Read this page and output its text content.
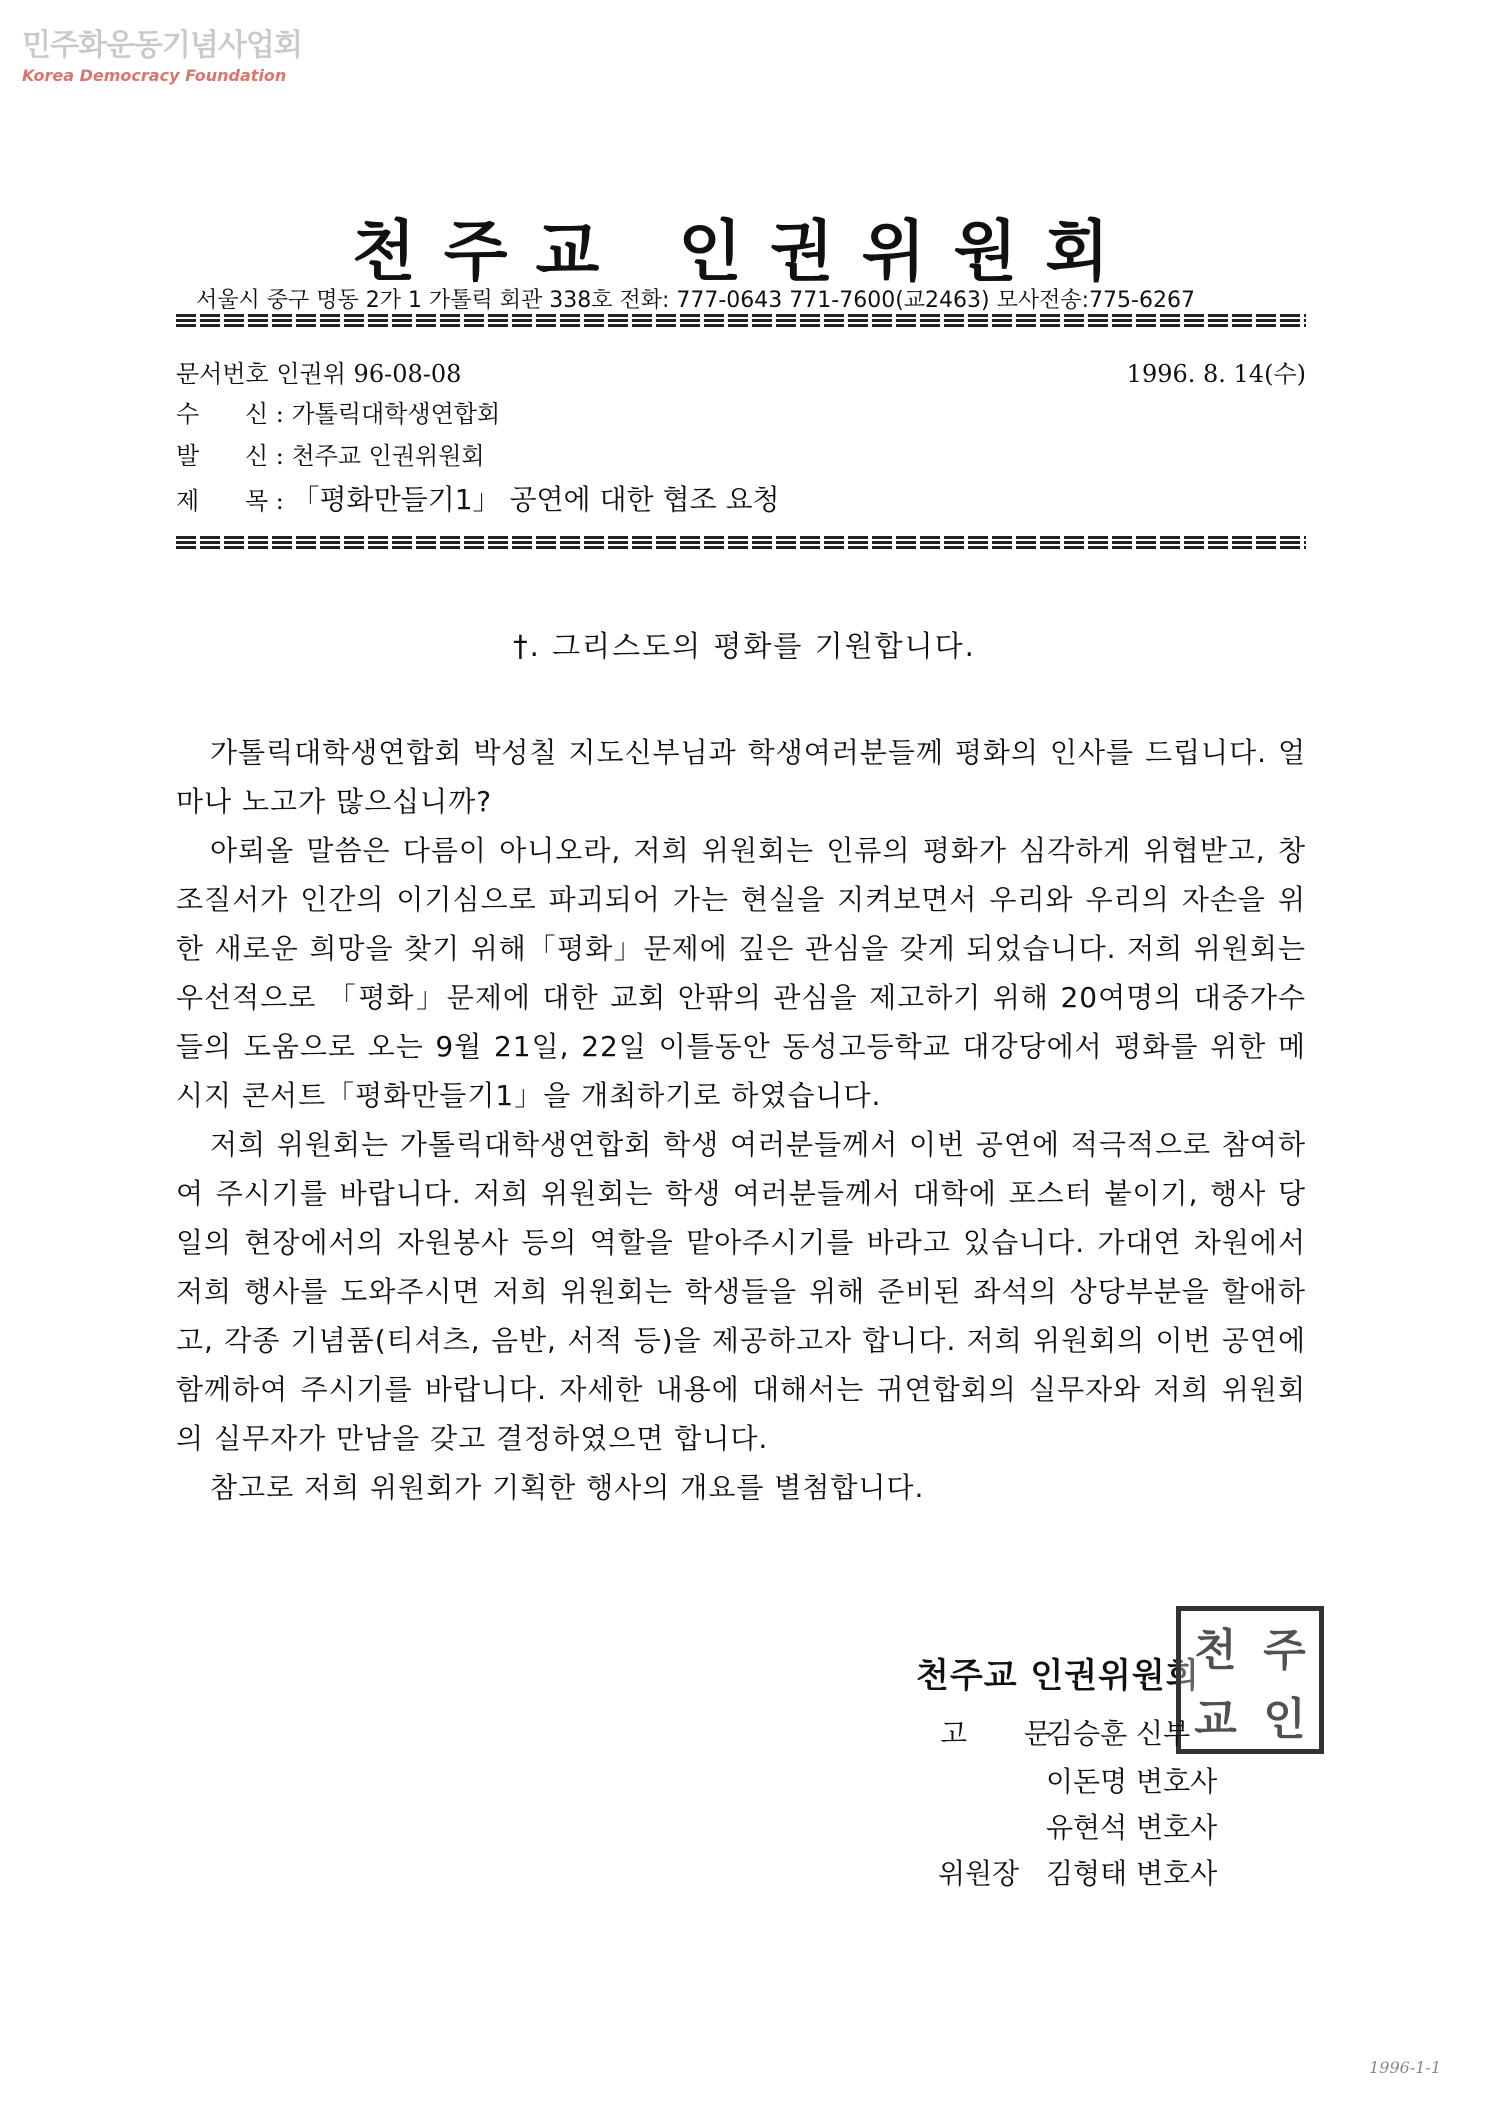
민주화운동기념사업회
Korea Democracy Foundation
천주교 인권위원회
서울시 중구 명동 2가 1 가톨릭 회관 338호 전화: 777-0643 771-7600(교2463) 모사전송:775-6267
문서번호 인권위 96-08-08	1996. 8. 14(수)
수      신 : 가톨릭대학생연합회
발      신 : 천주교 인권위원회
제      목 : 「평화만들기1」 공연에 대한 협조 요청
†. 그리스도의 평화를 기원합니다.

가톨릭대학생연합회 박성칠 지도신부님과 학생여러분들께 평화의 인사를 드립니다. 얼마나 노고가 많으십니까?

아뢰올 말씀은 다름이 아니오라, 저희 위원회는 인류의 평화가 심각하게 위협받고, 창조질서가 인간의 이기심으로 파괴되어 가는 현실을 지켜보면서 우리와 우리의 자손을 위한 새로운 희망을 찾기 위해「평화」문제에 깊은 관심을 갖게 되었습니다. 저희 위원회는 우선적으로 「평화」문제에 대한 교회 안팎의 관심을 제고하기 위해 20여명의 대중가수들의 도움으로 오는 9월 21일, 22일 이틀동안 동성고등학교 대강당에서 평화를 위한 메시지 콘서트「평화만들기1」을 개최하기로 하였습니다.

저희 위원회는 가톨릭대학생연합회 학생 여러분들께서 이번 공연에 적극적으로 참여하여 주시기를 바랍니다. 저희 위원회는 학생 여러분들께서 대학에 포스터 붙이기, 행사 당일의 현장에서의 자원봉사 등의 역할을 맡아주시기를 바라고 있습니다. 가대연 차원에서 저희 행사를 도와주시면 저희 위원회는 학생들을 위해 준비된 좌석의 상당부분을 할애하고, 각종 기념품(티셔츠, 음반, 서적 등)을 제공하고자 합니다. 저희 위원회의 이번 공연에 함께하여 주시기를 바랍니다. 자세한 내용에 대해서는 귀연합회의 실무자와 저희 위원회의 실무자가 만남을 갖고 결정하였으면 합니다.

참고로 저희 위원회가 기획한 행사의 개요를 별첨합니다.

천주교 인권위원회
천 주
교 인
고 문
김승훈 신부
이돈명 변호사
유현석 변호사
위원장 김형태 변호사
1996-1-1
